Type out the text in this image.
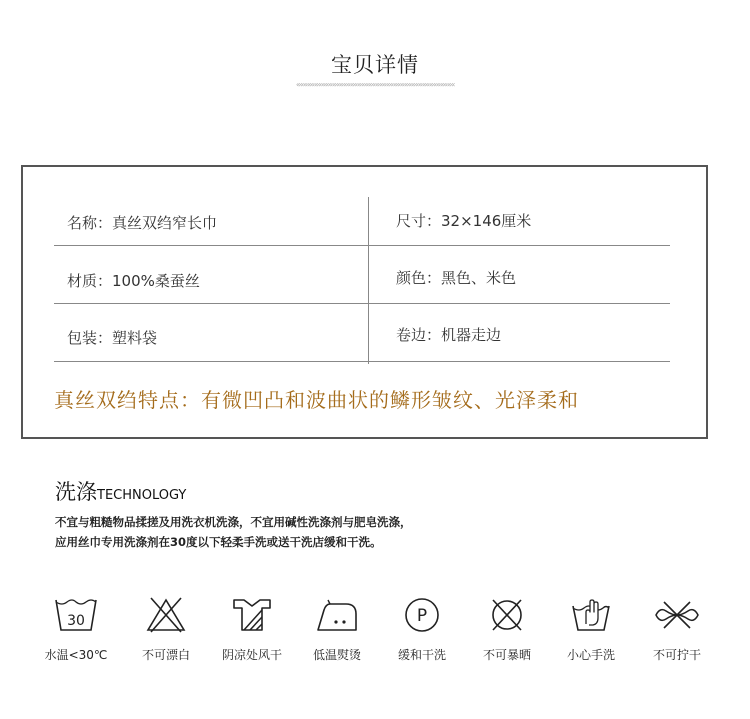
宝贝详情
««««««««««««««««««««««««««««««««««««««««««««
名称：真丝双绉窄长巾	尺寸：32×146厘米
材质：100%桑蚕丝	颜色：黑色、米色
包装：塑料袋	卷边：机器走边
真丝双绉特点：有微凹凸和波曲状的鳞形皱纹、光泽柔和
洗涤TECHNOLOGY
不宜与粗糙物品揉搓及用洗衣机洗涤，不宜用碱性洗涤剂与肥皂洗涤，
应用丝巾专用洗涤剂在30度以下轻柔手洗或送干洗店缓和干洗。
30
水温<30℃	不可漂白	阴凉处风干	低温熨烫
P
缓和干洗	不可暴晒	小心手洗	不可拧干
